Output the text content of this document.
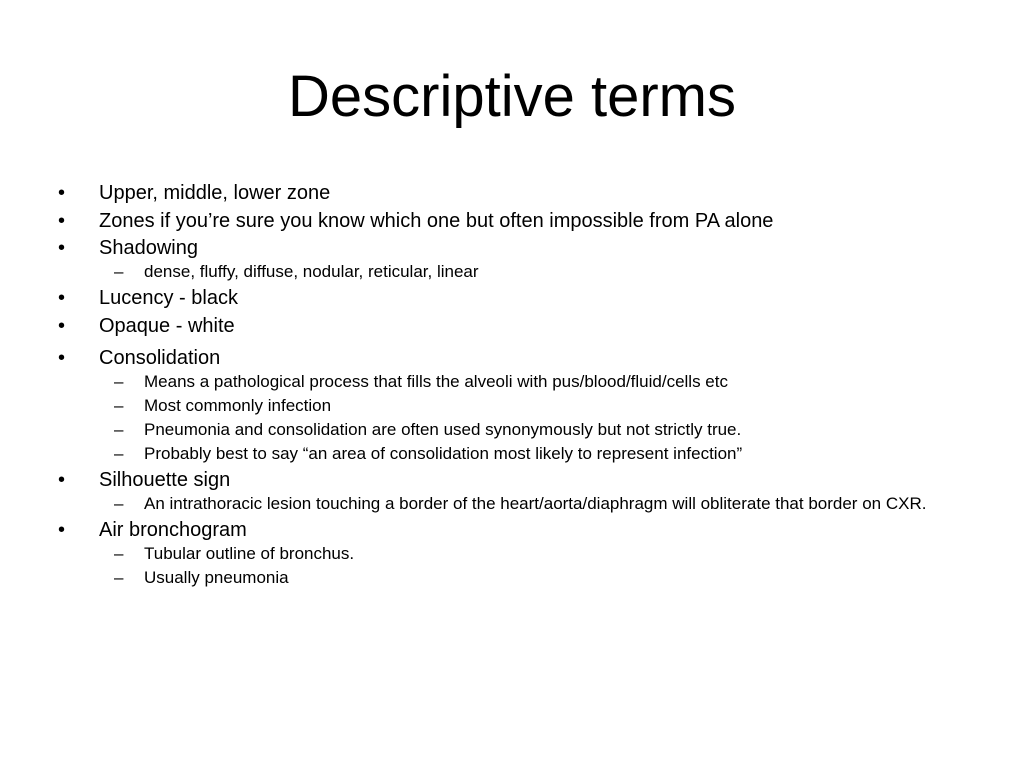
Descriptive terms
•	Upper, middle, lower zone
•	Zones if you’re sure you know which one but often impossible from PA alone
•	Shadowing
–	dense, fluffy, diffuse, nodular, reticular, linear
•	Lucency - black
•	Opaque - white
•	Consolidation
–	Means a pathological process that fills the alveoli with pus/blood/fluid/cells etc
–	Most commonly infection
–	Pneumonia and consolidation are often used synonymously but not strictly true.
–	Probably best to say “an area of consolidation most likely to represent infection”
•	Silhouette sign
–	An intrathoracic lesion touching a border of the heart/aorta/diaphragm will obliterate that border on CXR.
•	Air bronchogram
–	Tubular outline of bronchus.
–	Usually pneumonia
